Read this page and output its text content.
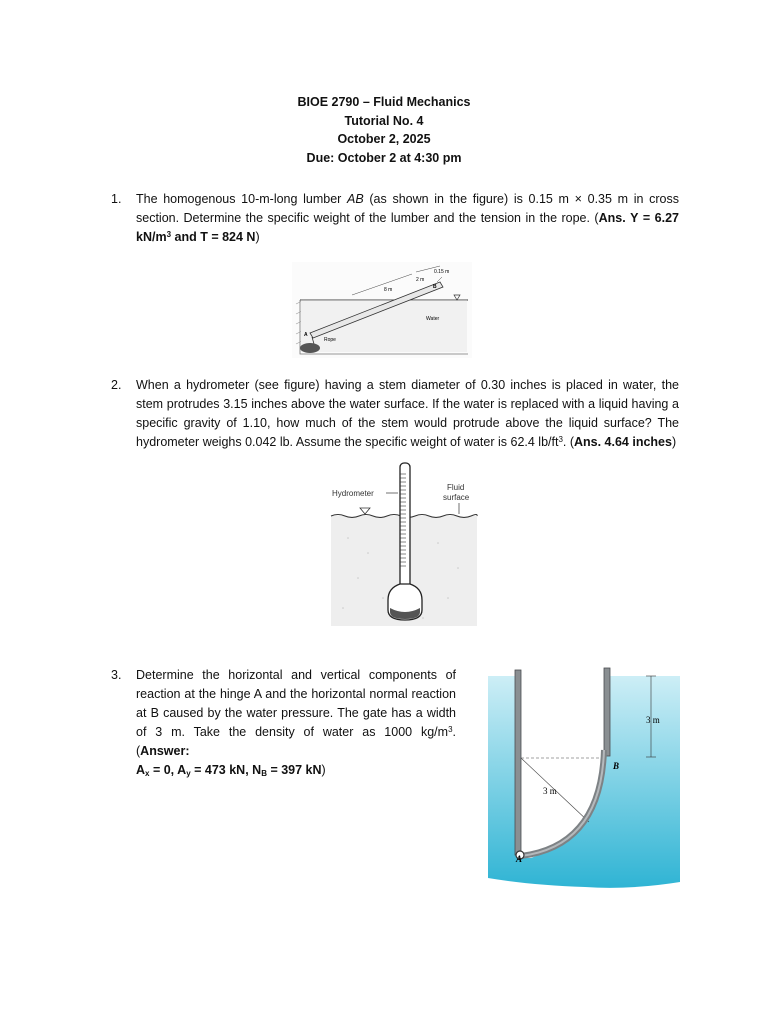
BIOE 2790 – Fluid Mechanics
Tutorial No. 4
October 2, 2025
Due: October 2 at 4:30 pm
1. The homogenous 10-m-long lumber AB (as shown in the figure) is 0.15 m × 0.35 m in cross section. Determine the specific weight of the lumber and the tension in the rope. (Ans. Υ = 6.27 $kN/m^3$ and T = 824 N)
0.15 m
2 m
B
8 m
Water
A
Rope
2. When a hydrometer (see figure) having a stem diameter of 0.30 inches is placed in water, the stem protrudes 3.15 inches above the water surface. If the water is replaced with a liquid having a specific gravity of 1.10, how much of the stem would protrude above the liquid surface? The hydrometer weighs 0.042 lb. Assume the specific weight of water is 62.4 $lb/ft^3$. (Ans. 4.64 inches)
Hydrometer
Fluid
surface
3. Determine the horizontal and vertical components of reaction at the hinge A and the horizontal normal reaction at B caused by the water pressure. The gate has a width of 3 m. Take the density of water as 1000 $kg/m^3$. (Answer:
$A_x = 0$, $A_y = 473$ kN, $N_B = 397$ kN)
3 m
3 m
A
B
